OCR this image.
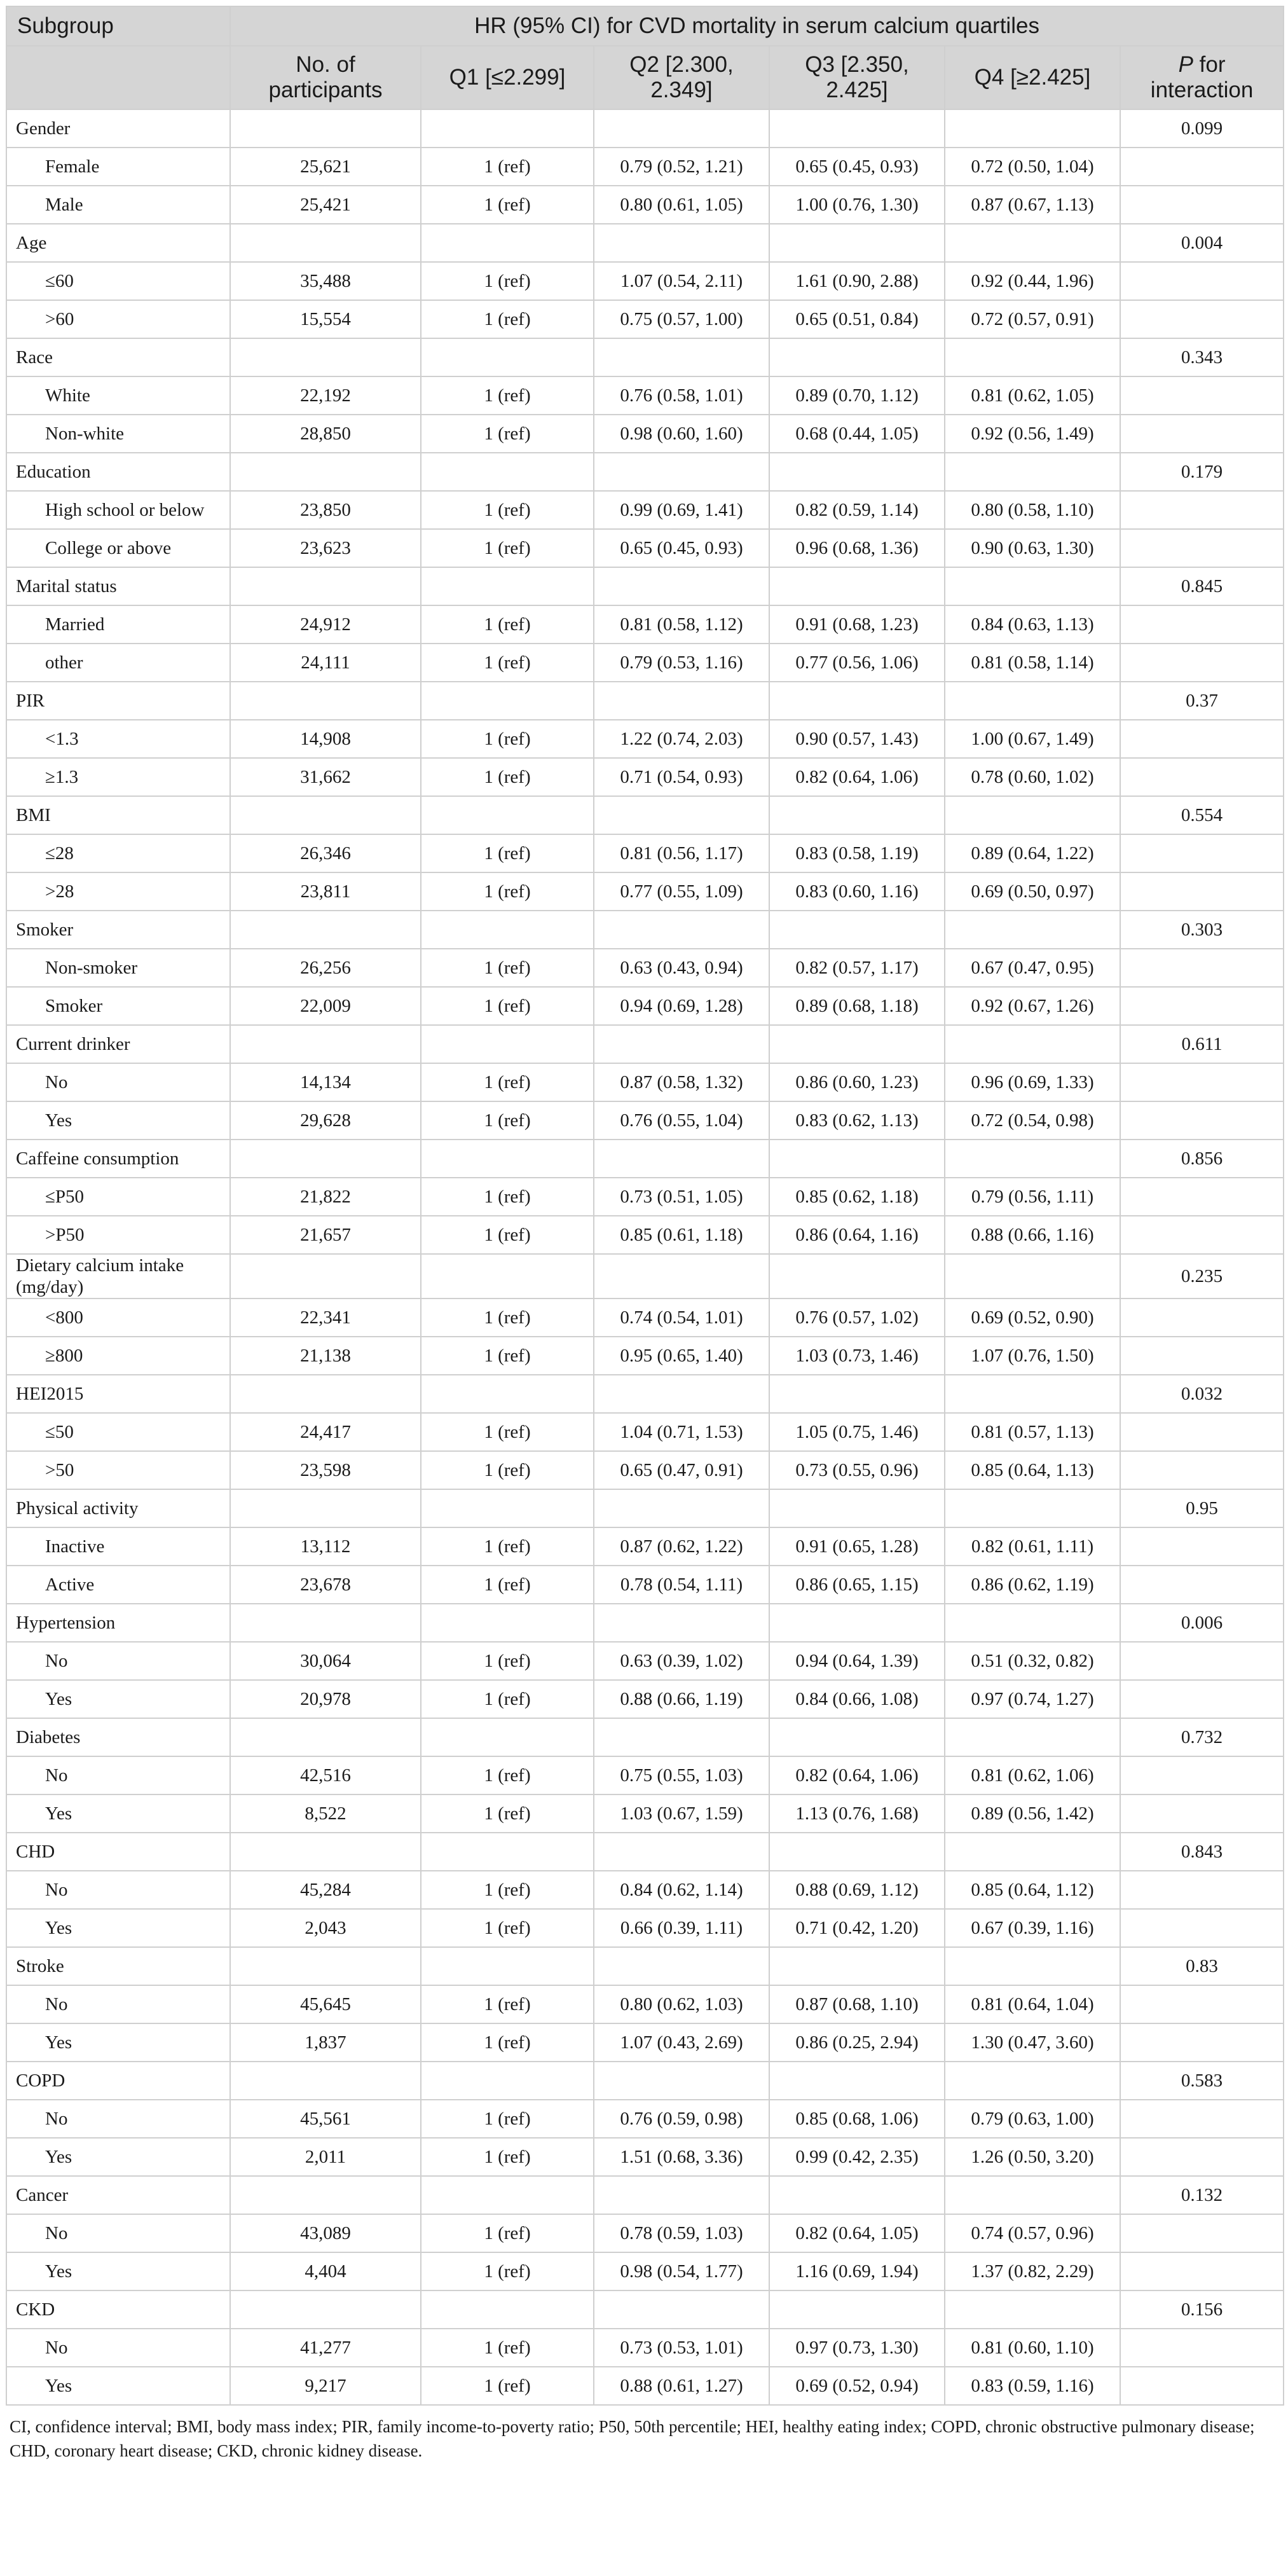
Subgroup	HR (95% CI) for CVD mortality in serum calcium quartiles					
	No. of participants	Q1 [≤2.299]	Q2 [2.300, 2.349]	Q3 [2.350, 2.425]	Q4 [≥2.425]	P for interaction
Gender						0.099
Female	25,621	1 (ref)	0.79 (0.52, 1.21)	0.65 (0.45, 0.93)	0.72 (0.50, 1.04)	
Male	25,421	1 (ref)	0.80 (0.61, 1.05)	1.00 (0.76, 1.30)	0.87 (0.67, 1.13)	
Age						0.004
≤60	35,488	1 (ref)	1.07 (0.54, 2.11)	1.61 (0.90, 2.88)	0.92 (0.44, 1.96)	
>60	15,554	1 (ref)	0.75 (0.57, 1.00)	0.65 (0.51, 0.84)	0.72 (0.57, 0.91)	
Race						0.343
White	22,192	1 (ref)	0.76 (0.58, 1.01)	0.89 (0.70, 1.12)	0.81 (0.62, 1.05)	
Non-white	28,850	1 (ref)	0.98 (0.60, 1.60)	0.68 (0.44, 1.05)	0.92 (0.56, 1.49)	
Education						0.179
High school or below	23,850	1 (ref)	0.99 (0.69, 1.41)	0.82 (0.59, 1.14)	0.80 (0.58, 1.10)	
College or above	23,623	1 (ref)	0.65 (0.45, 0.93)	0.96 (0.68, 1.36)	0.90 (0.63, 1.30)	
Marital status						0.845
Married	24,912	1 (ref)	0.81 (0.58, 1.12)	0.91 (0.68, 1.23)	0.84 (0.63, 1.13)	
other	24,111	1 (ref)	0.79 (0.53, 1.16)	0.77 (0.56, 1.06)	0.81 (0.58, 1.14)	
PIR						0.37
<1.3	14,908	1 (ref)	1.22 (0.74, 2.03)	0.90 (0.57, 1.43)	1.00 (0.67, 1.49)	
≥1.3	31,662	1 (ref)	0.71 (0.54, 0.93)	0.82 (0.64, 1.06)	0.78 (0.60, 1.02)	
BMI						0.554
≤28	26,346	1 (ref)	0.81 (0.56, 1.17)	0.83 (0.58, 1.19)	0.89 (0.64, 1.22)	
>28	23,811	1 (ref)	0.77 (0.55, 1.09)	0.83 (0.60, 1.16)	0.69 (0.50, 0.97)	
Smoker						0.303
Non-smoker	26,256	1 (ref)	0.63 (0.43, 0.94)	0.82 (0.57, 1.17)	0.67 (0.47, 0.95)	
Smoker	22,009	1 (ref)	0.94 (0.69, 1.28)	0.89 (0.68, 1.18)	0.92 (0.67, 1.26)	
Current drinker						0.611
No	14,134	1 (ref)	0.87 (0.58, 1.32)	0.86 (0.60, 1.23)	0.96 (0.69, 1.33)	
Yes	29,628	1 (ref)	0.76 (0.55, 1.04)	0.83 (0.62, 1.13)	0.72 (0.54, 0.98)	
Caffeine consumption						0.856
≤P50	21,822	1 (ref)	0.73 (0.51, 1.05)	0.85 (0.62, 1.18)	0.79 (0.56, 1.11)	
>P50	21,657	1 (ref)	0.85 (0.61, 1.18)	0.86 (0.64, 1.16)	0.88 (0.66, 1.16)	
Dietary calcium intake (mg/day)						0.235
<800	22,341	1 (ref)	0.74 (0.54, 1.01)	0.76 (0.57, 1.02)	0.69 (0.52, 0.90)	
≥800	21,138	1 (ref)	0.95 (0.65, 1.40)	1.03 (0.73, 1.46)	1.07 (0.76, 1.50)	
HEI2015						0.032
≤50	24,417	1 (ref)	1.04 (0.71, 1.53)	1.05 (0.75, 1.46)	0.81 (0.57, 1.13)	
>50	23,598	1 (ref)	0.65 (0.47, 0.91)	0.73 (0.55, 0.96)	0.85 (0.64, 1.13)	
Physical activity						0.95
Inactive	13,112	1 (ref)	0.87 (0.62, 1.22)	0.91 (0.65, 1.28)	0.82 (0.61, 1.11)	
Active	23,678	1 (ref)	0.78 (0.54, 1.11)	0.86 (0.65, 1.15)	0.86 (0.62, 1.19)	
Hypertension						0.006
No	30,064	1 (ref)	0.63 (0.39, 1.02)	0.94 (0.64, 1.39)	0.51 (0.32, 0.82)	
Yes	20,978	1 (ref)	0.88 (0.66, 1.19)	0.84 (0.66, 1.08)	0.97 (0.74, 1.27)	
Diabetes						0.732
No	42,516	1 (ref)	0.75 (0.55, 1.03)	0.82 (0.64, 1.06)	0.81 (0.62, 1.06)	
Yes	8,522	1 (ref)	1.03 (0.67, 1.59)	1.13 (0.76, 1.68)	0.89 (0.56, 1.42)	
CHD						0.843
No	45,284	1 (ref)	0.84 (0.62, 1.14)	0.88 (0.69, 1.12)	0.85 (0.64, 1.12)	
Yes	2,043	1 (ref)	0.66 (0.39, 1.11)	0.71 (0.42, 1.20)	0.67 (0.39, 1.16)	
Stroke						0.83
No	45,645	1 (ref)	0.80 (0.62, 1.03)	0.87 (0.68, 1.10)	0.81 (0.64, 1.04)	
Yes	1,837	1 (ref)	1.07 (0.43, 2.69)	0.86 (0.25, 2.94)	1.30 (0.47, 3.60)	
COPD						0.583
No	45,561	1 (ref)	0.76 (0.59, 0.98)	0.85 (0.68, 1.06)	0.79 (0.63, 1.00)	
Yes	2,011	1 (ref)	1.51 (0.68, 3.36)	0.99 (0.42, 2.35)	1.26 (0.50, 3.20)	
Cancer						0.132
No	43,089	1 (ref)	0.78 (0.59, 1.03)	0.82 (0.64, 1.05)	0.74 (0.57, 0.96)	
Yes	4,404	1 (ref)	0.98 (0.54, 1.77)	1.16 (0.69, 1.94)	1.37 (0.82, 2.29)	
CKD						0.156
No	41,277	1 (ref)	0.73 (0.53, 1.01)	0.97 (0.73, 1.30)	0.81 (0.60, 1.10)	
Yes	9,217	1 (ref)	0.88 (0.61, 1.27)	0.69 (0.52, 0.94)	0.83 (0.59, 1.16)	
CI, confidence interval; BMI, body mass index; PIR, family income-to-poverty ratio; P50, 50th percentile; HEI, healthy eating index; COPD, chronic obstructive pulmonary disease; CHD, coronary heart disease; CKD, chronic kidney disease.
